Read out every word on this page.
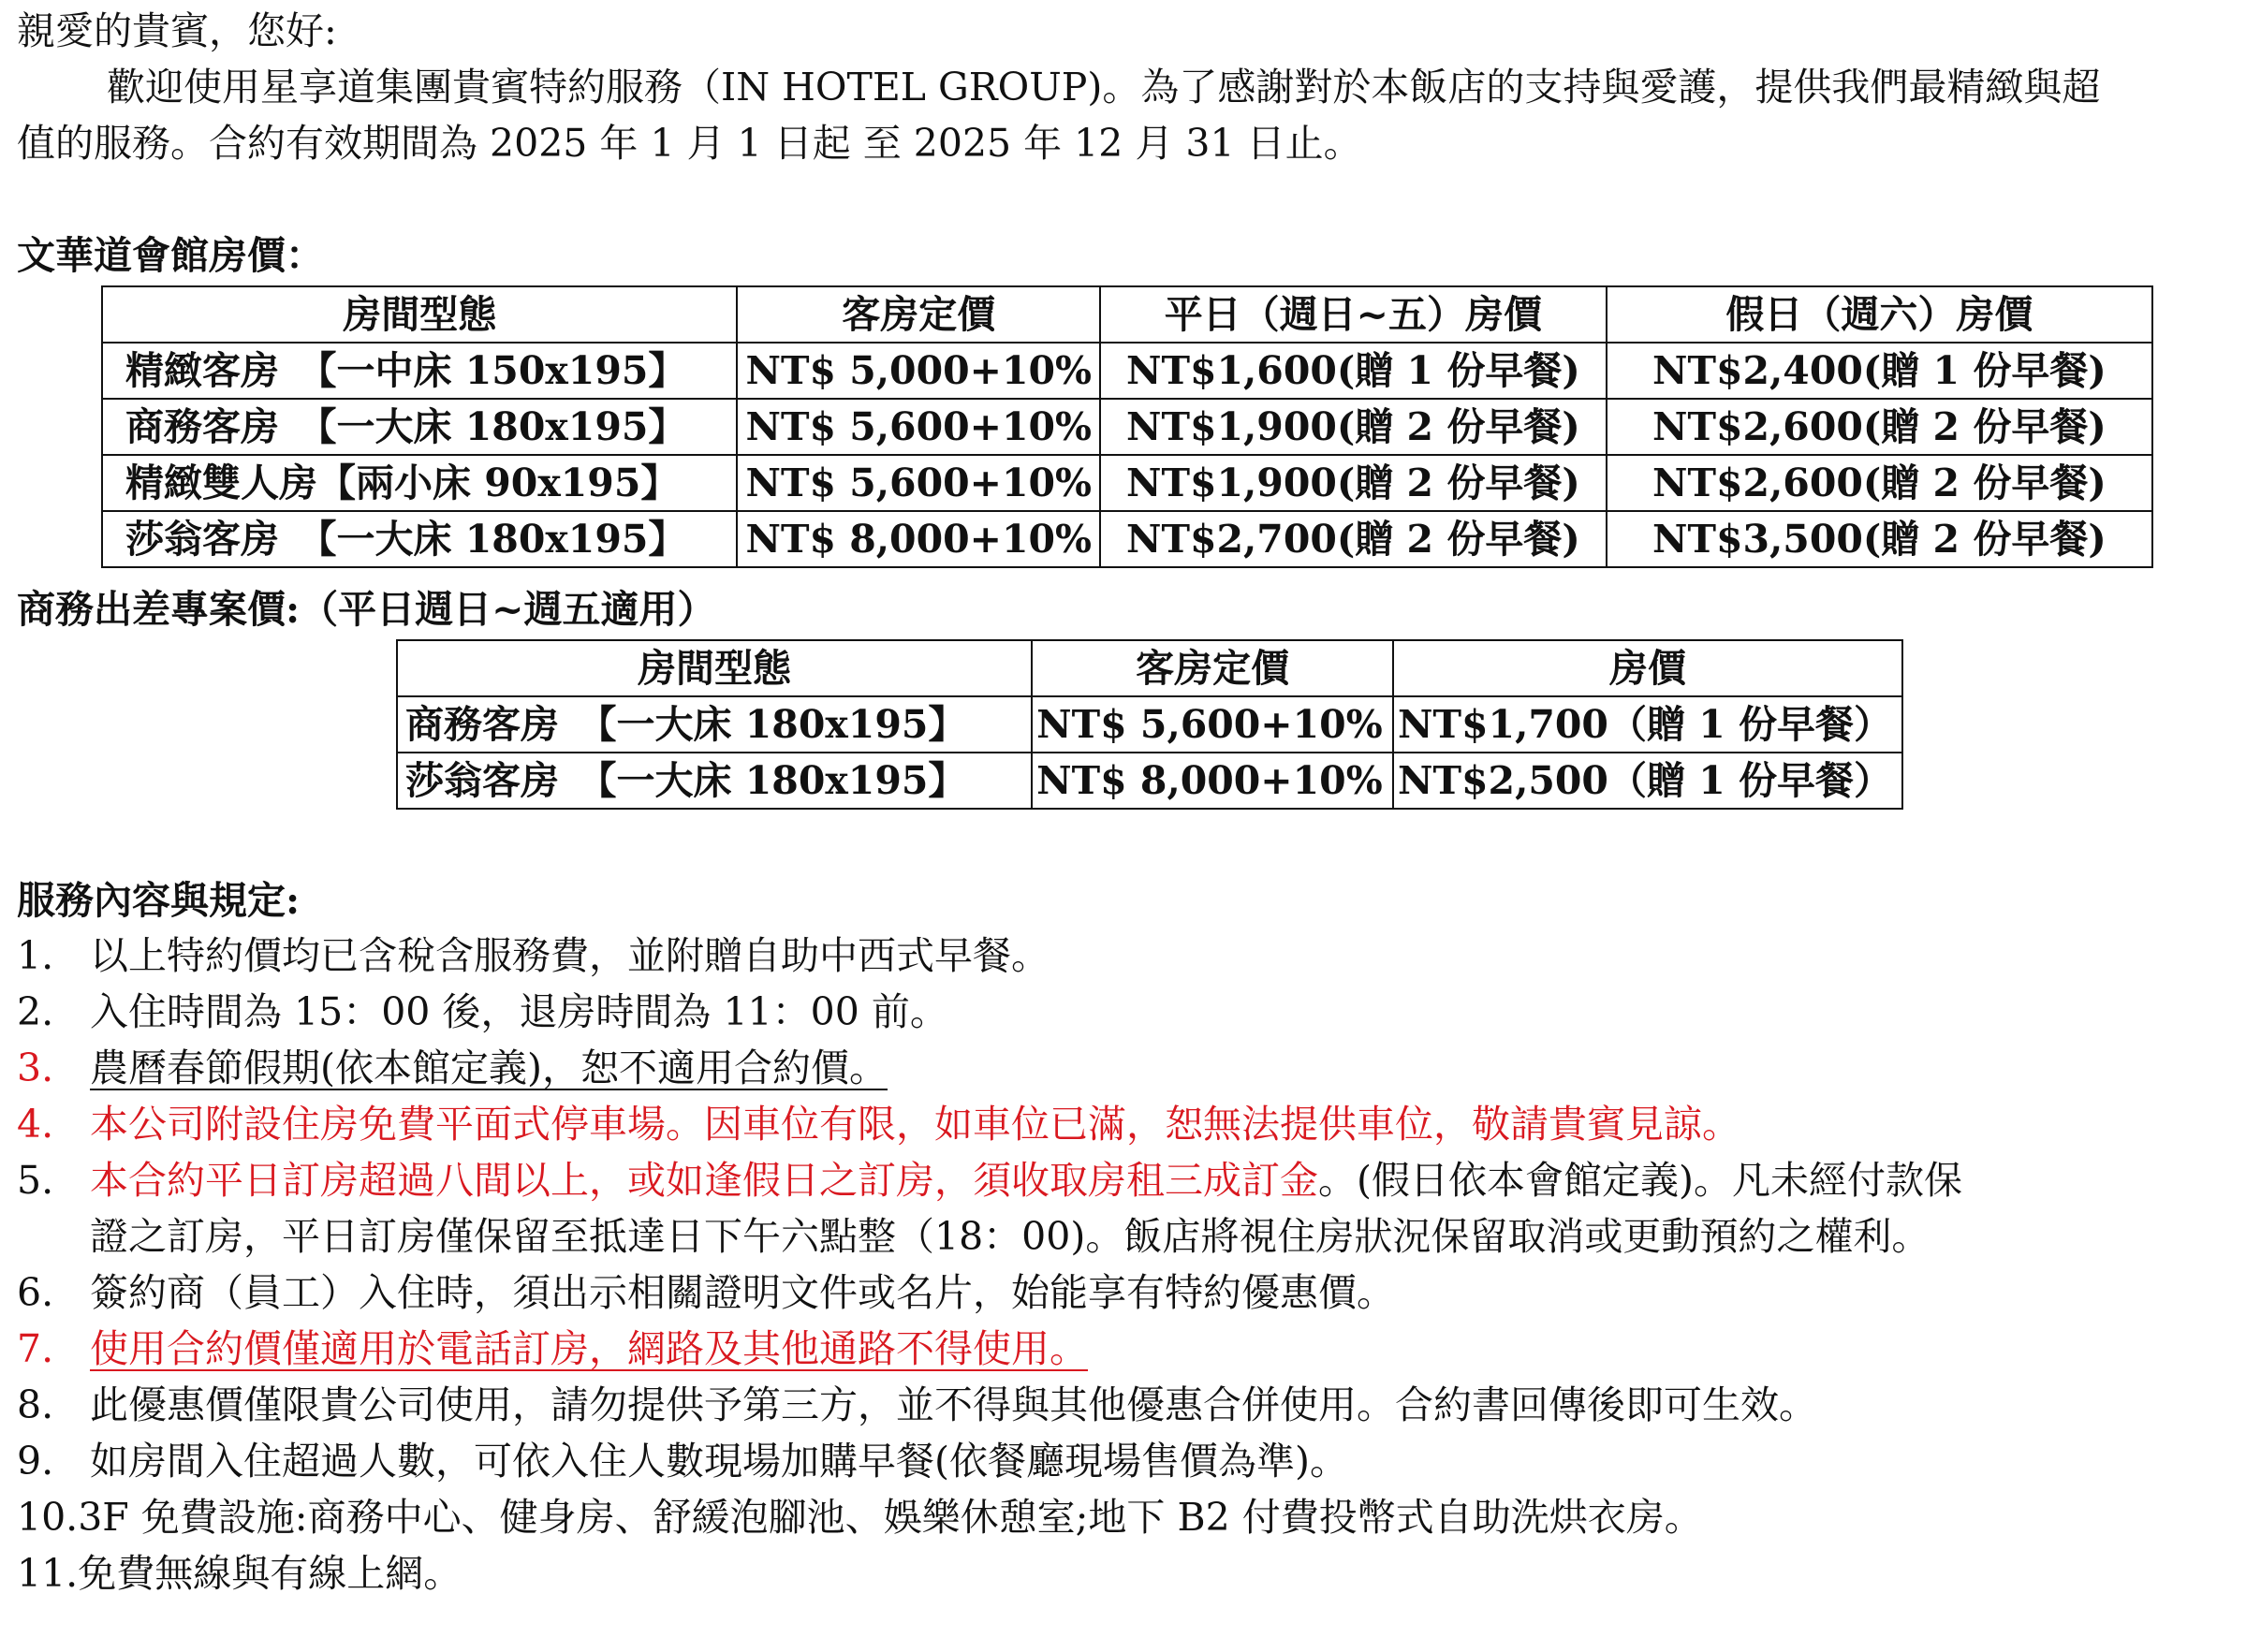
親愛的貴賓，您好:
歡迎使用星享道集團貴賓特約服務（IN HOTEL GROUP)。為了感謝對於本飯店的支持與愛護，提供我們最精緻與超
值的服務。合約有效期間為 2025 年 1 月 1 日起 至 2025 年 12 月 31 日止。
文華道會館房價：
房間型態	客房定價	平日（週日~五）房價	假日（週六）房價
精緻客房　【一中床 150x195】	NT$ 5,000+10%	NT$1,600(贈 1 份早餐)	NT$2,400(贈 1 份早餐)
商務客房　【一大床 180x195】	NT$ 5,600+10%	NT$1,900(贈 2 份早餐)	NT$2,600(贈 2 份早餐)
精緻雙人房【兩小床 90x195】	NT$ 5,600+10%	NT$1,900(贈 2 份早餐)	NT$2,600(贈 2 份早餐)
莎翁客房　【一大床 180x195】	NT$ 8,000+10%	NT$2,700(贈 2 份早餐)	NT$3,500(贈 2 份早餐)
商務出差專案價:（平日週日~週五適用）
房間型態	客房定價	房價
商務客房　【一大床 180x195】	NT$ 5,600+10%	NT$1,700（贈 1 份早餐）
莎翁客房　【一大床 180x195】	NT$ 8,000+10%	NT$2,500（贈 1 份早餐）
服務內容與規定:
1. 以上特約價均已含稅含服務費，並附贈自助中西式早餐。
2. 入住時間為 15：00 後，退房時間為 11：00 前。
3. 農曆春節假期(依本館定義)，恕不適用合約價。
4. 本公司附設住房免費平面式停車場。因車位有限，如車位已滿，恕無法提供車位，敬請貴賓見諒。
5. 本合約平日訂房超過八間以上，或如逢假日之訂房，須收取房租三成訂金。(假日依本會館定義)。凡未經付款保
證之訂房，平日訂房僅保留至抵達日下午六點整（18：00)。飯店將視住房狀況保留取消或更動預約之權利。
6. 簽約商（員工）入住時，須出示相關證明文件或名片，始能享有特約優惠價。
7. 使用合約價僅適用於電話訂房，網路及其他通路不得使用。
8. 此優惠價僅限貴公司使用，請勿提供予第三方，並不得與其他優惠合併使用。合約書回傳後即可生效。
9. 如房間入住超過人數，可依入住人數現場加購早餐(依餐廳現場售價為準)。
10.3F 免費設施:商務中心、健身房、舒緩泡腳池、娛樂休憩室;地下 B2 付費投幣式自助洗烘衣房。
11.免費無線與有線上網。
